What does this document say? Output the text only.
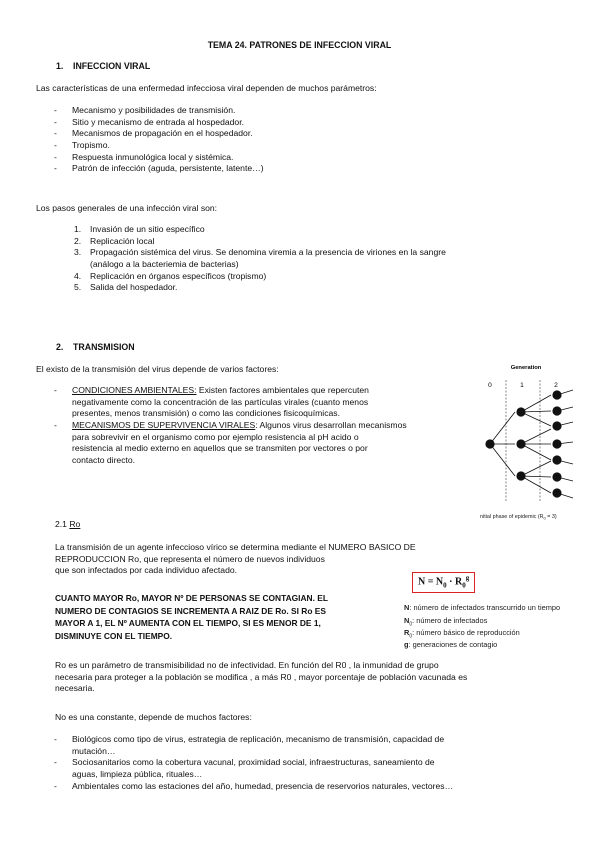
TEMA 24. PATRONES DE INFECCION VIRAL
1. INFECCION VIRAL
Las características de una enfermedad infecciosa viral dependen de muchos parámetros:
- Mecanismo y posibilidades de transmisión.
- Sitio y mecanismo de entrada al hospedador.
- Mecanismos de propagación en el hospedador.
- Tropismo.
- Respuesta inmunológica local y sistémica.
- Patrón de infección (aguda, persistente, latente…)
Los pasos generales de una infección viral son:
1. Invasión de un sitio específico
2. Replicación local
3. Propagación sistémica del virus. Se denomina viremia a la presencia de viriones en la sangre
(análogo a la bacteriemia de bacterias)
4. Replicación en órganos específicos (tropismo)
5. Salida del hospedador.
2. TRANSMISION
El existo de la transmisión del virus depende de varios factores:
- CONDICIONES AMBIENTALES: Existen factores ambientales que repercuten
negativamente como la concentración de las partículas virales (cuanto menos
presentes, menos transmisión) o como las condiciones fisicoquímicas.
- MECANISMOS DE SUPERVIVENCIA VIRALES: Algunos virus desarrollan mecanismos
para sobrevivir en el organismo como por ejemplo resistencia al pH acido o
resistencia al medio externo en aquellos que se transmiten por vectores o por
contacto directo.
Generation
0	1	2
nitial phase of epidemic $(R_0 = 3)$
2.1 Ro
La transmisión de un agente infeccioso vírico se determina mediante el NUMERO BASICO DE
REPRODUCCION Ro, que representa el número de nuevos individuos
que son infectados por cada individuo afectado.
$N = N_0 \cdot R_0^g$
CUANTO MAYOR Ro, MAYOR Nº DE PERSONAS SE CONTAGIAN. EL
NUMERO DE CONTAGIOS SE INCREMENTA A RAIZ DE Ro. SI Ro ES
MAYOR A 1, EL Nº AUMENTA CON EL TIEMPO, SI ES MENOR DE 1,
DISMINUYE CON EL TIEMPO.
N: número de infectados transcurrido un tiempo
$N_0$: número de infectados
$R_0$: número básico de reproducción
g: generaciones de contagio
Ro es un parámetro de transmisibilidad no de infectividad. En función del R0 , la inmunidad de grupo
necesaria para proteger a la población se modifica , a más R0 , mayor porcentaje de población vacunada es
necesaria.
No es una constante, depende de muchos factores:
- Biológicos como tipo de virus, estrategia de replicación, mecanismo de transmisión, capacidad de
mutación…
- Sociosanitarios como la cobertura vacunal, proximidad social, infraestructuras, saneamiento de
aguas, limpieza pública, rituales…
- Ambientales como las estaciones del año, humedad, presencia de reservorios naturales, vectores…
